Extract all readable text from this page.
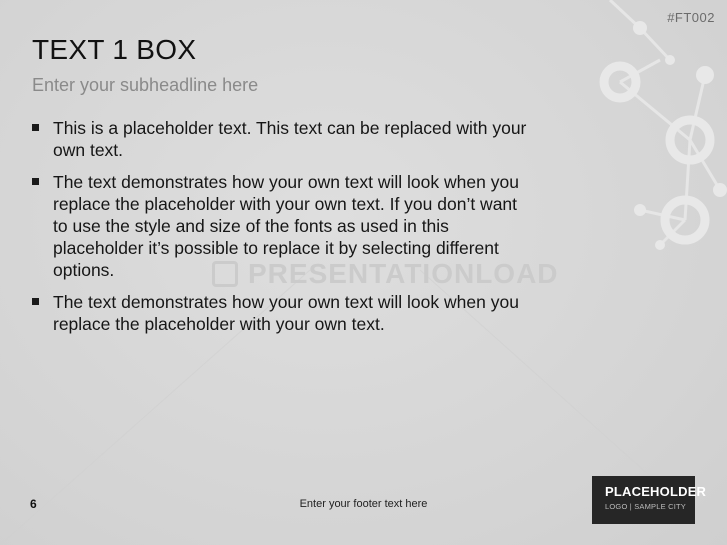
#FT002
TEXT 1 BOX

Enter your subheadline here

PRESENTATIONLOAD
This is a placeholder text. This text can be replaced with your own text.
The text demonstrates how your own text will look when you replace the placeholder with your own text. If you don’t want to use the style and size of the fonts as used in this placeholder it’s possible to replace it by selecting different options.
The text demonstrates how your own text will look when you replace the placeholder with your own text.
6	Enter your footer text here
PLACEHOLDER
LOGO | SAMPLE CITY
